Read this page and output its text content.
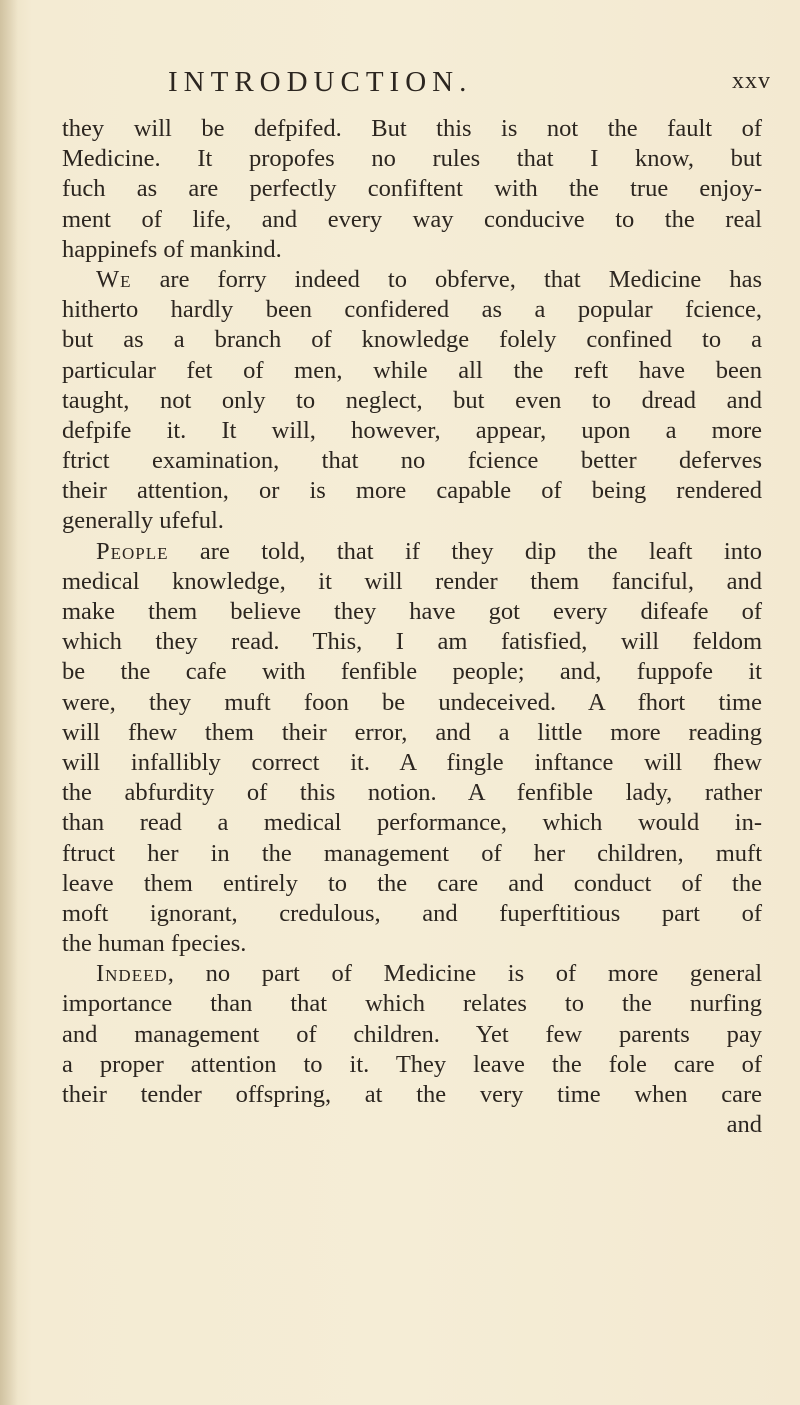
INTRODUCTION.	xxv
they will be defpifed. But this is not the fault of
Medicine. It propofes no rules that I know, but
fuch as are perfectly confiftent with the true enjoy-
ment of life, and every way conducive to the real
happinefs of mankind.
We are forry indeed to obferve, that Medicine has
hitherto hardly been confidered as a popular fcience,
but as a branch of knowledge folely confined to a
particular fet of men, while all the reft have been
taught, not only to neglect, but even to dread and
defpife it. It will, however, appear, upon a more
ftrict examination, that no fcience better deferves
their attention, or is more capable of being rendered
generally ufeful.
People are told, that if they dip the leaft into
medical knowledge, it will render them fanciful, and
make them believe they have got every difeafe of
which they read. This, I am fatisfied, will feldom
be the cafe with fenfible people; and, fuppofe it
were, they muft foon be undeceived. A fhort time
will fhew them their error, and a little more reading
will infallibly correct it. A fingle inftance will fhew
the abfurdity of this notion. A fenfible lady, rather
than read a medical performance, which would in-
ftruct her in the management of her children, muft
leave them entirely to the care and conduct of the
moft ignorant, credulous, and fuperftitious part of
the human fpecies.
Indeed, no part of Medicine is of more general
importance than that which relates to the nurfing
and management of children. Yet few parents pay
a proper attention to it. They leave the fole care of
their tender offspring, at the very time when care
and
